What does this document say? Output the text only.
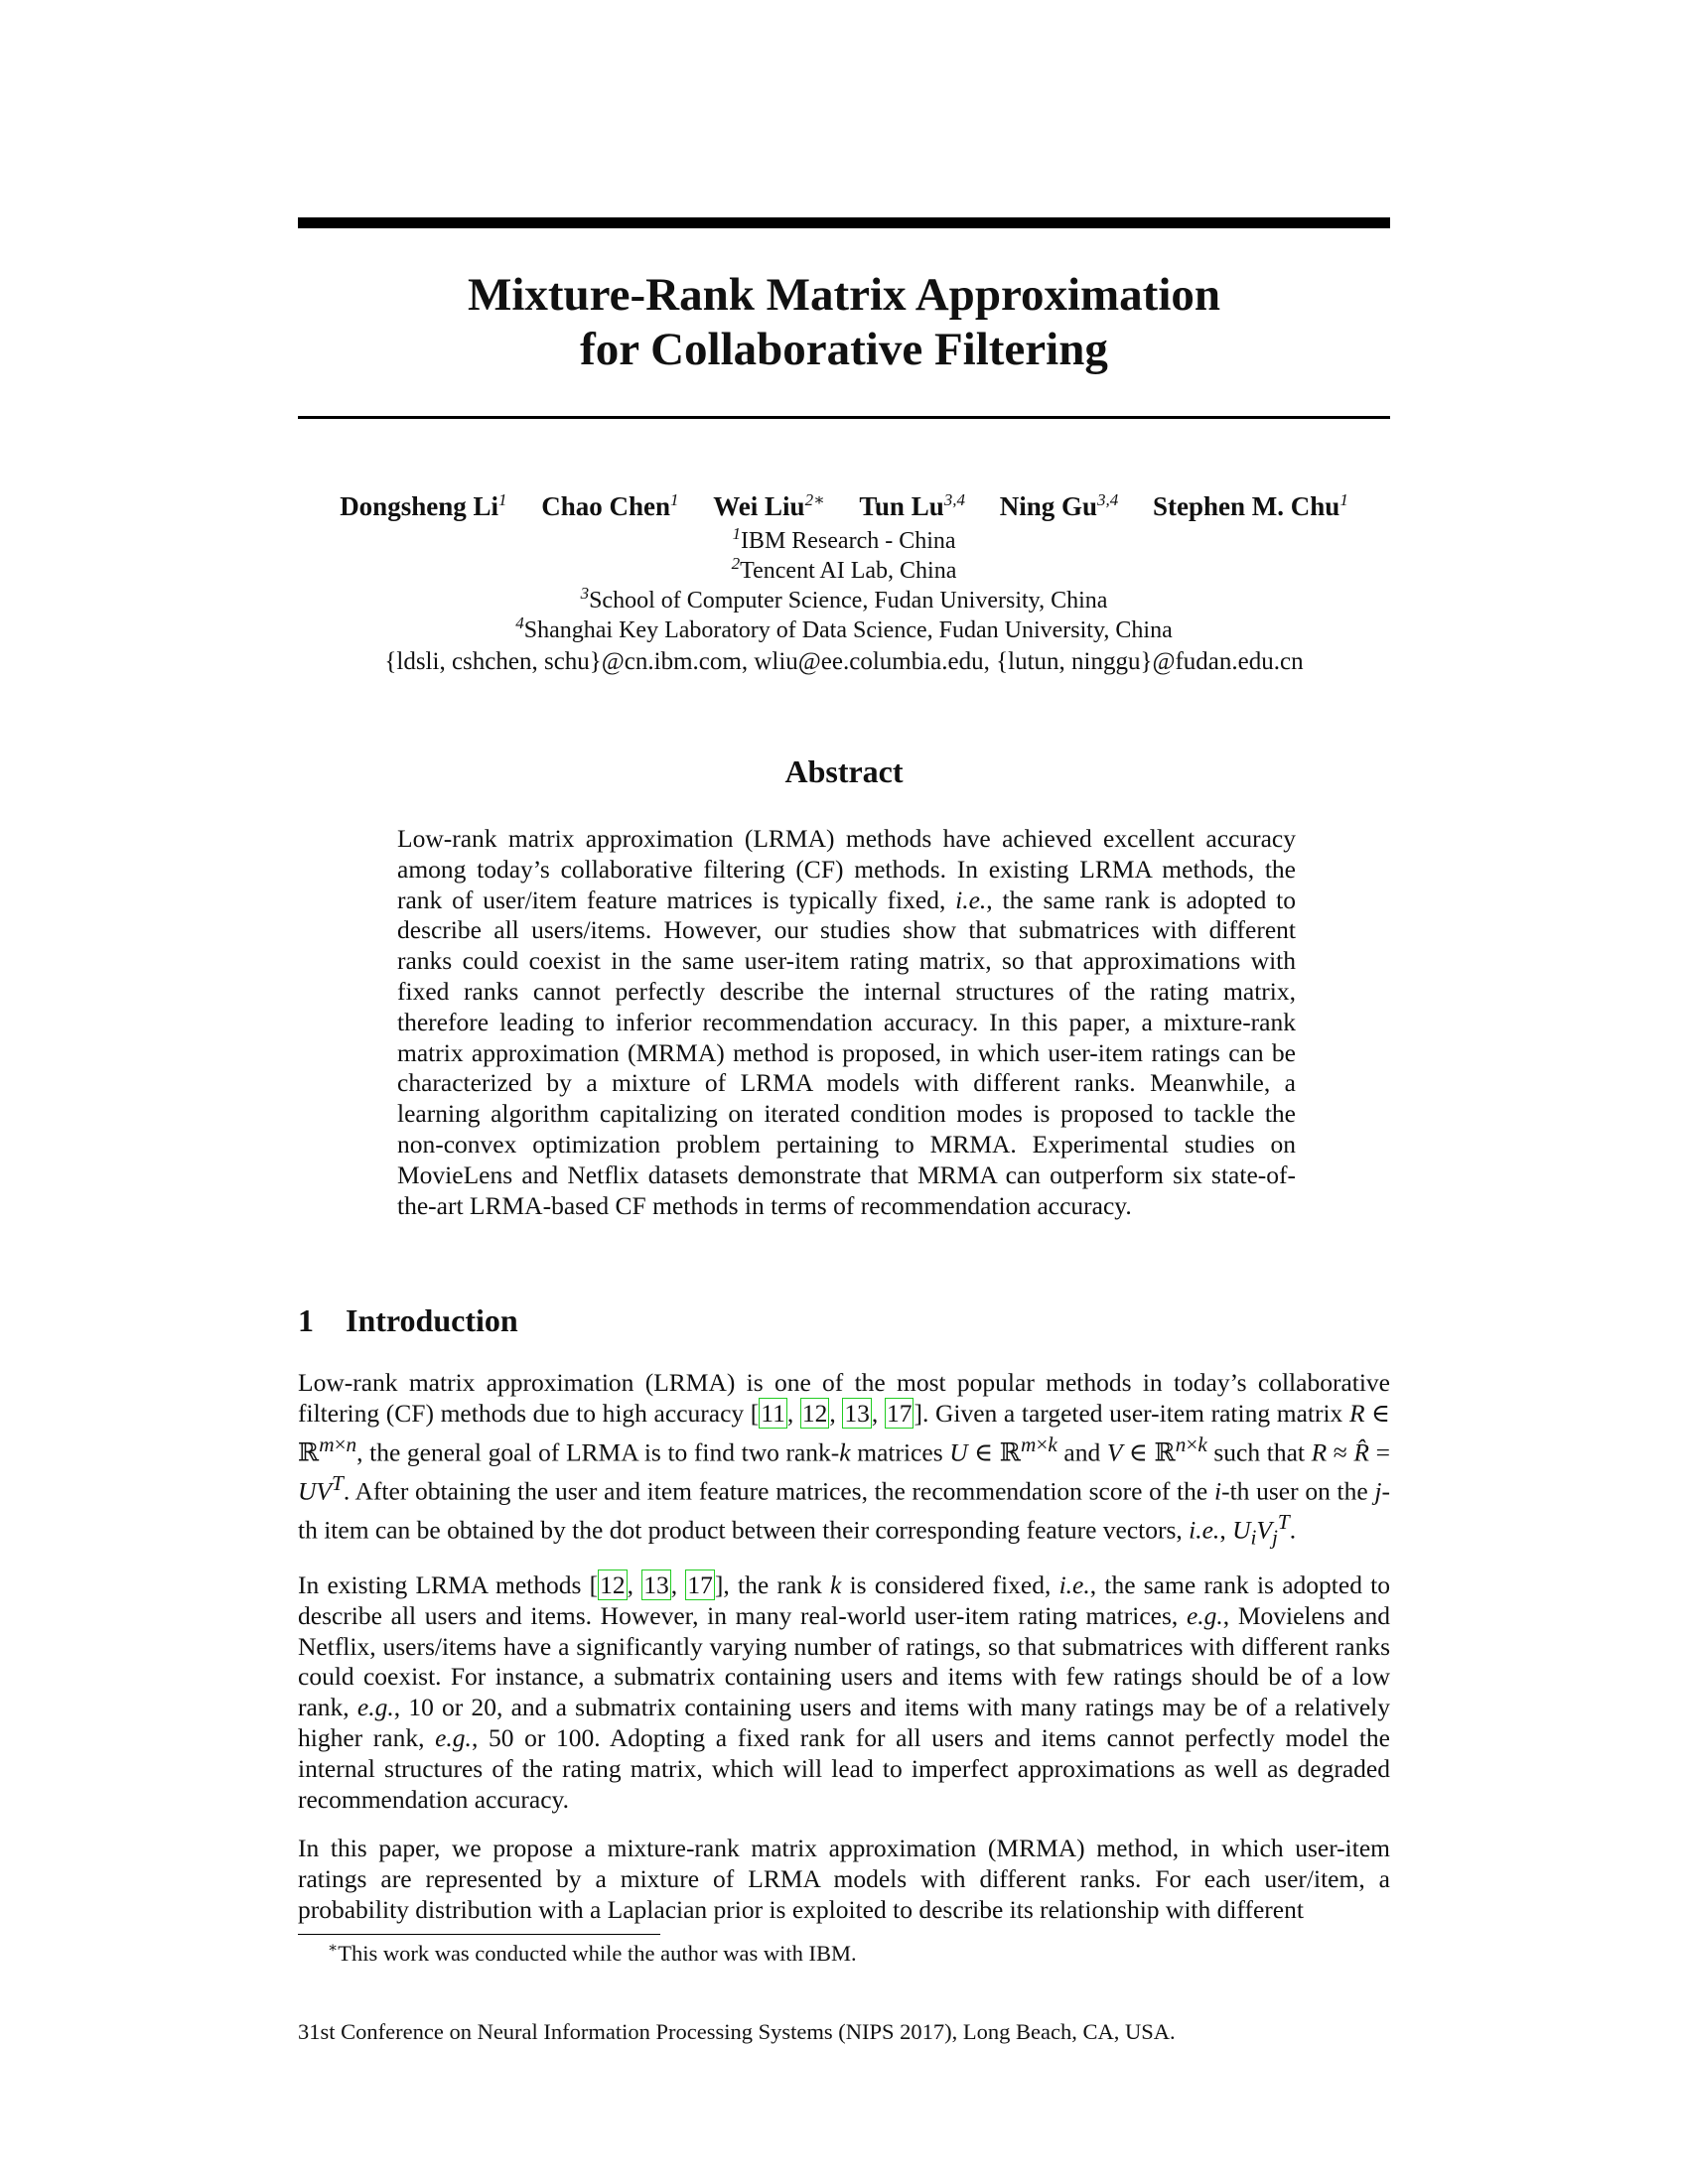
Mixture-Rank Matrix Approximation
for Collaborative Filtering
Dongsheng Li$^1$ Chao Chen$^1$ Wei Liu$^{2∗}$ Tun Lu$^{3,4}$ Ning Gu$^{3,4}$ Stephen M. Chu$^1$
$^1$IBM Research - China
$^2$Tencent AI Lab, China
$^3$School of Computer Science, Fudan University, China
$^4$Shanghai Key Laboratory of Data Science, Fudan University, China
{ldsli, cshchen, schu}@cn.ibm.com, wliu@ee.columbia.edu, {lutun, ninggu}@fudan.edu.cn
Abstract
Low-rank matrix approximation (LRMA) methods have achieved excellent accuracy among today’s collaborative filtering (CF) methods. In existing LRMA methods, the rank of user/item feature matrices is typically fixed, i.e., the same rank is adopted to describe all users/items. However, our studies show that submatrices with different ranks could coexist in the same user-item rating matrix, so that approximations with fixed ranks cannot perfectly describe the internal structures of the rating matrix, therefore leading to inferior recommendation accuracy. In this paper, a mixture-rank matrix approximation (MRMA) method is proposed, in which user-item ratings can be characterized by a mixture of LRMA models with different ranks. Meanwhile, a learning algorithm capitalizing on iterated condition modes is proposed to tackle the non-convex optimization problem pertaining to MRMA. Experimental studies on MovieLens and Netflix datasets demonstrate that MRMA can outperform six state-of-the-art LRMA-based CF methods in terms of recommendation accuracy.
1 Introduction
Low-rank matrix approximation (LRMA) is one of the most popular methods in today’s collaborative filtering (CF) methods due to high accuracy [11, 12, 13, 17]. Given a targeted user-item rating matrix R ∈ ℝ$^{m\times n}$, the general goal of LRMA is to find two rank-k matrices U ∈ ℝ$^{m\times k}$ and V ∈ ℝ$^{n\times k}$ such that R ≈ R̂ = $UV^T$. After obtaining the user and item feature matrices, the recommendation score of the i-th user on the j-th item can be obtained by the dot product between their corresponding feature vectors, i.e., $U_iV_j^T$.
In existing LRMA methods [12, 13, 17], the rank k is considered fixed, i.e., the same rank is adopted to describe all users and items. However, in many real-world user-item rating matrices, e.g., Movielens and Netflix, users/items have a significantly varying number of ratings, so that submatrices with different ranks could coexist. For instance, a submatrix containing users and items with few ratings should be of a low rank, e.g., 10 or 20, and a submatrix containing users and items with many ratings may be of a relatively higher rank, e.g., 50 or 100. Adopting a fixed rank for all users and items cannot perfectly model the internal structures of the rating matrix, which will lead to imperfect approximations as well as degraded recommendation accuracy.
In this paper, we propose a mixture-rank matrix approximation (MRMA) method, in which user-item ratings are represented by a mixture of LRMA models with different ranks. For each user/item, a probability distribution with a Laplacian prior is exploited to describe its relationship with different
∗This work was conducted while the author was with IBM.
31st Conference on Neural Information Processing Systems (NIPS 2017), Long Beach, CA, USA.
